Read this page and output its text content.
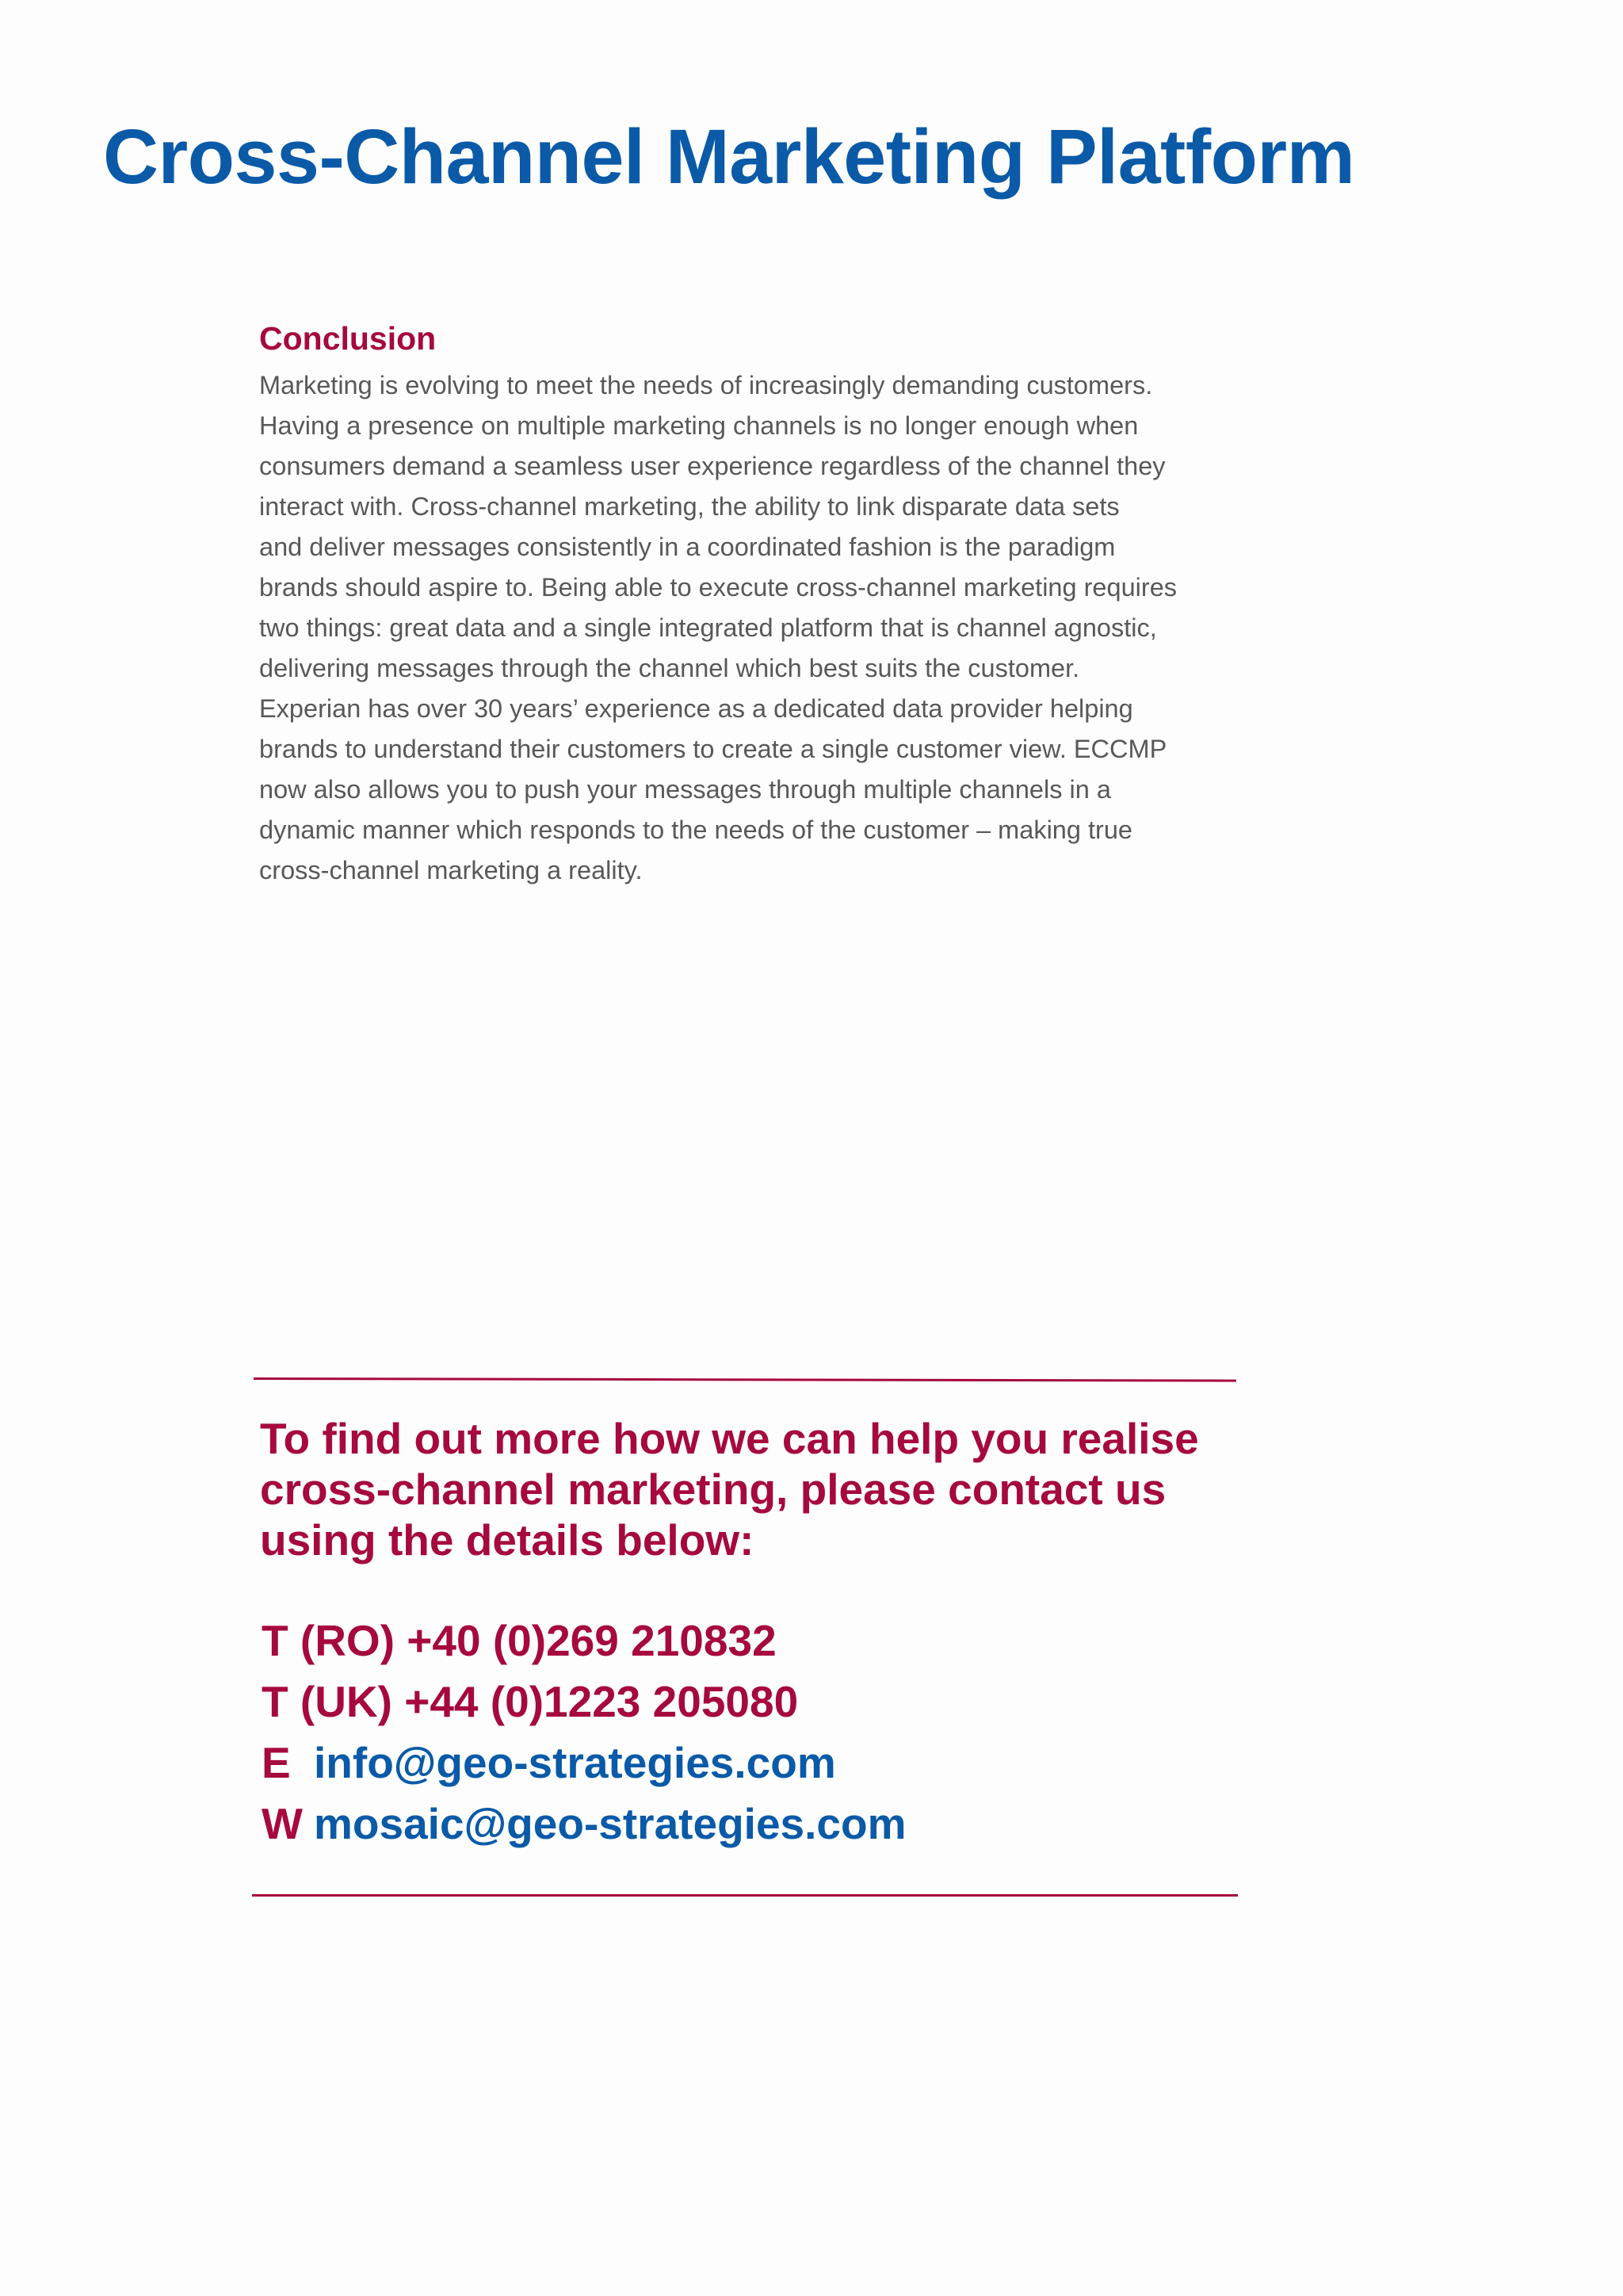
Cross-Channel Marketing Platform
Conclusion

Marketing is evolving to meet the needs of increasingly demanding customers.
Having a presence on multiple marketing channels is no longer enough when
consumers demand a seamless user experience regardless of the channel they
interact with. Cross-channel marketing, the ability to link disparate data sets
and deliver messages consistently in a coordinated fashion is the paradigm
brands should aspire to. Being able to execute cross-channel marketing requires
two things: great data and a single integrated platform that is channel agnostic,
delivering messages through the channel which best suits the customer.
Experian has over 30 years’ experience as a dedicated data provider helping
brands to understand their customers to create a single customer view. ECCMP
now also allows you to push your messages through multiple channels in a
dynamic manner which responds to the needs of the customer – making true
cross-channel marketing a reality.

To find out more how we can help you realise
cross-channel marketing, please contact us
using the details below:

T (RO) +40 (0)269 210832
T (UK) +44 (0)1223 205080
E info@geo-strategies.com
W mosaic@geo-strategies.com
